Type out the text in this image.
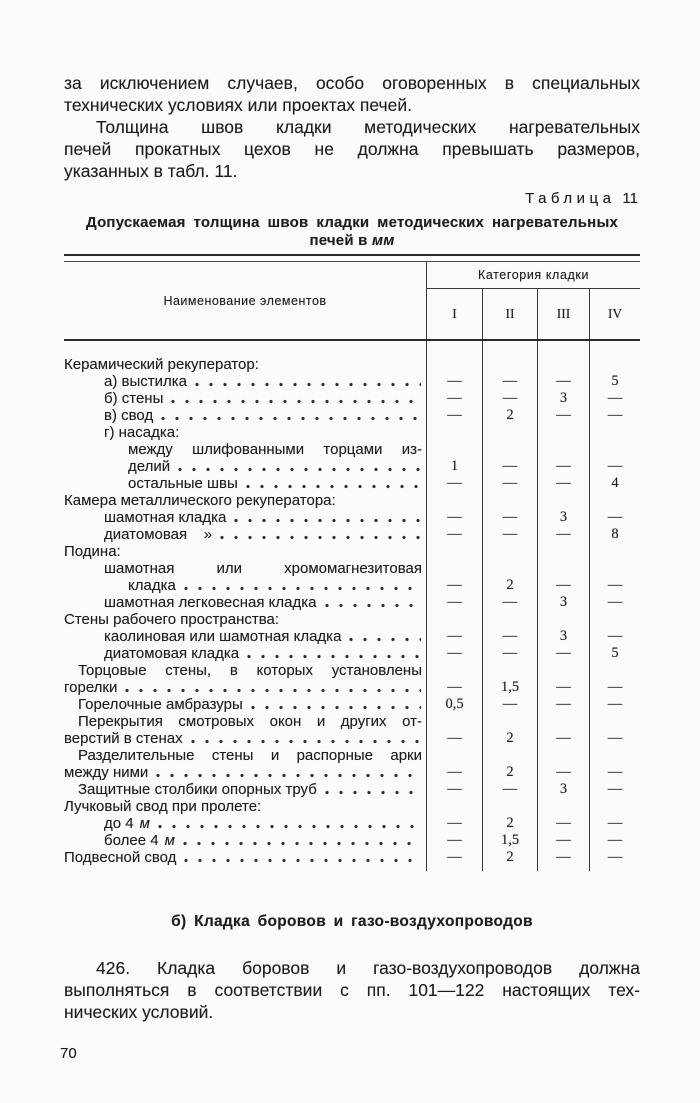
за исключением случаев, особо оговоренных в специальных
технических условиях или проектах печей.
Толщина швов кладки методических нагревательных
печей прокатных цехов не должна превышать размеров,
указанных в табл. 11.
Таблица 11
Допускаемая толщина швов кладки методических нагревательных
печей в мм
Наименование элементов
Категория кладки
I	II	III	IV
Керамический рекуператор:
а) выстилка	—	—	—	5
б) стены	—	—	3	—
в) свод	—	2	—	—
г) насадка:
между шлифованными торцами из-
делий	1	—	—	—
остальные швы	—	—	—	4
Камера металлического рекуператора:
шамотная кладка	—	—	3	—
диатомовая    »	—	—	—	8
Подина:
шамотная или хромомагнезитовая
кладка	—	2	—	—
шамотная легковесная кладка	—	—	3	—
Стены рабочего пространства:
каолиновая или шамотная кладка	—	—	3	—
диатомовая кладка	—	—	—	5
Торцовые стены, в которых установлены
горелки	—	1,5	—	—
Горелочные амбразуры	0,5	—	—	—
Перекрытия смотровых окон и других от-
верстий в стенах	—	2	—	—
Разделительные стены и распорные арки
между ними	—	2	—	—
Защитные столбики опорных труб	—	—	3	—
Лучковый свод при пролете:
до 4 м	—	2	—	—
более 4 м	—	1,5	—	—
Подвесной свод	—	2	—	—
б) Кладка боровов и газо-воздухопроводов
426. Кладка боровов и газо-воздухопроводов должна
выполняться в соответствии с пп. 101—122 настоящих тех-
нических условий.
70
